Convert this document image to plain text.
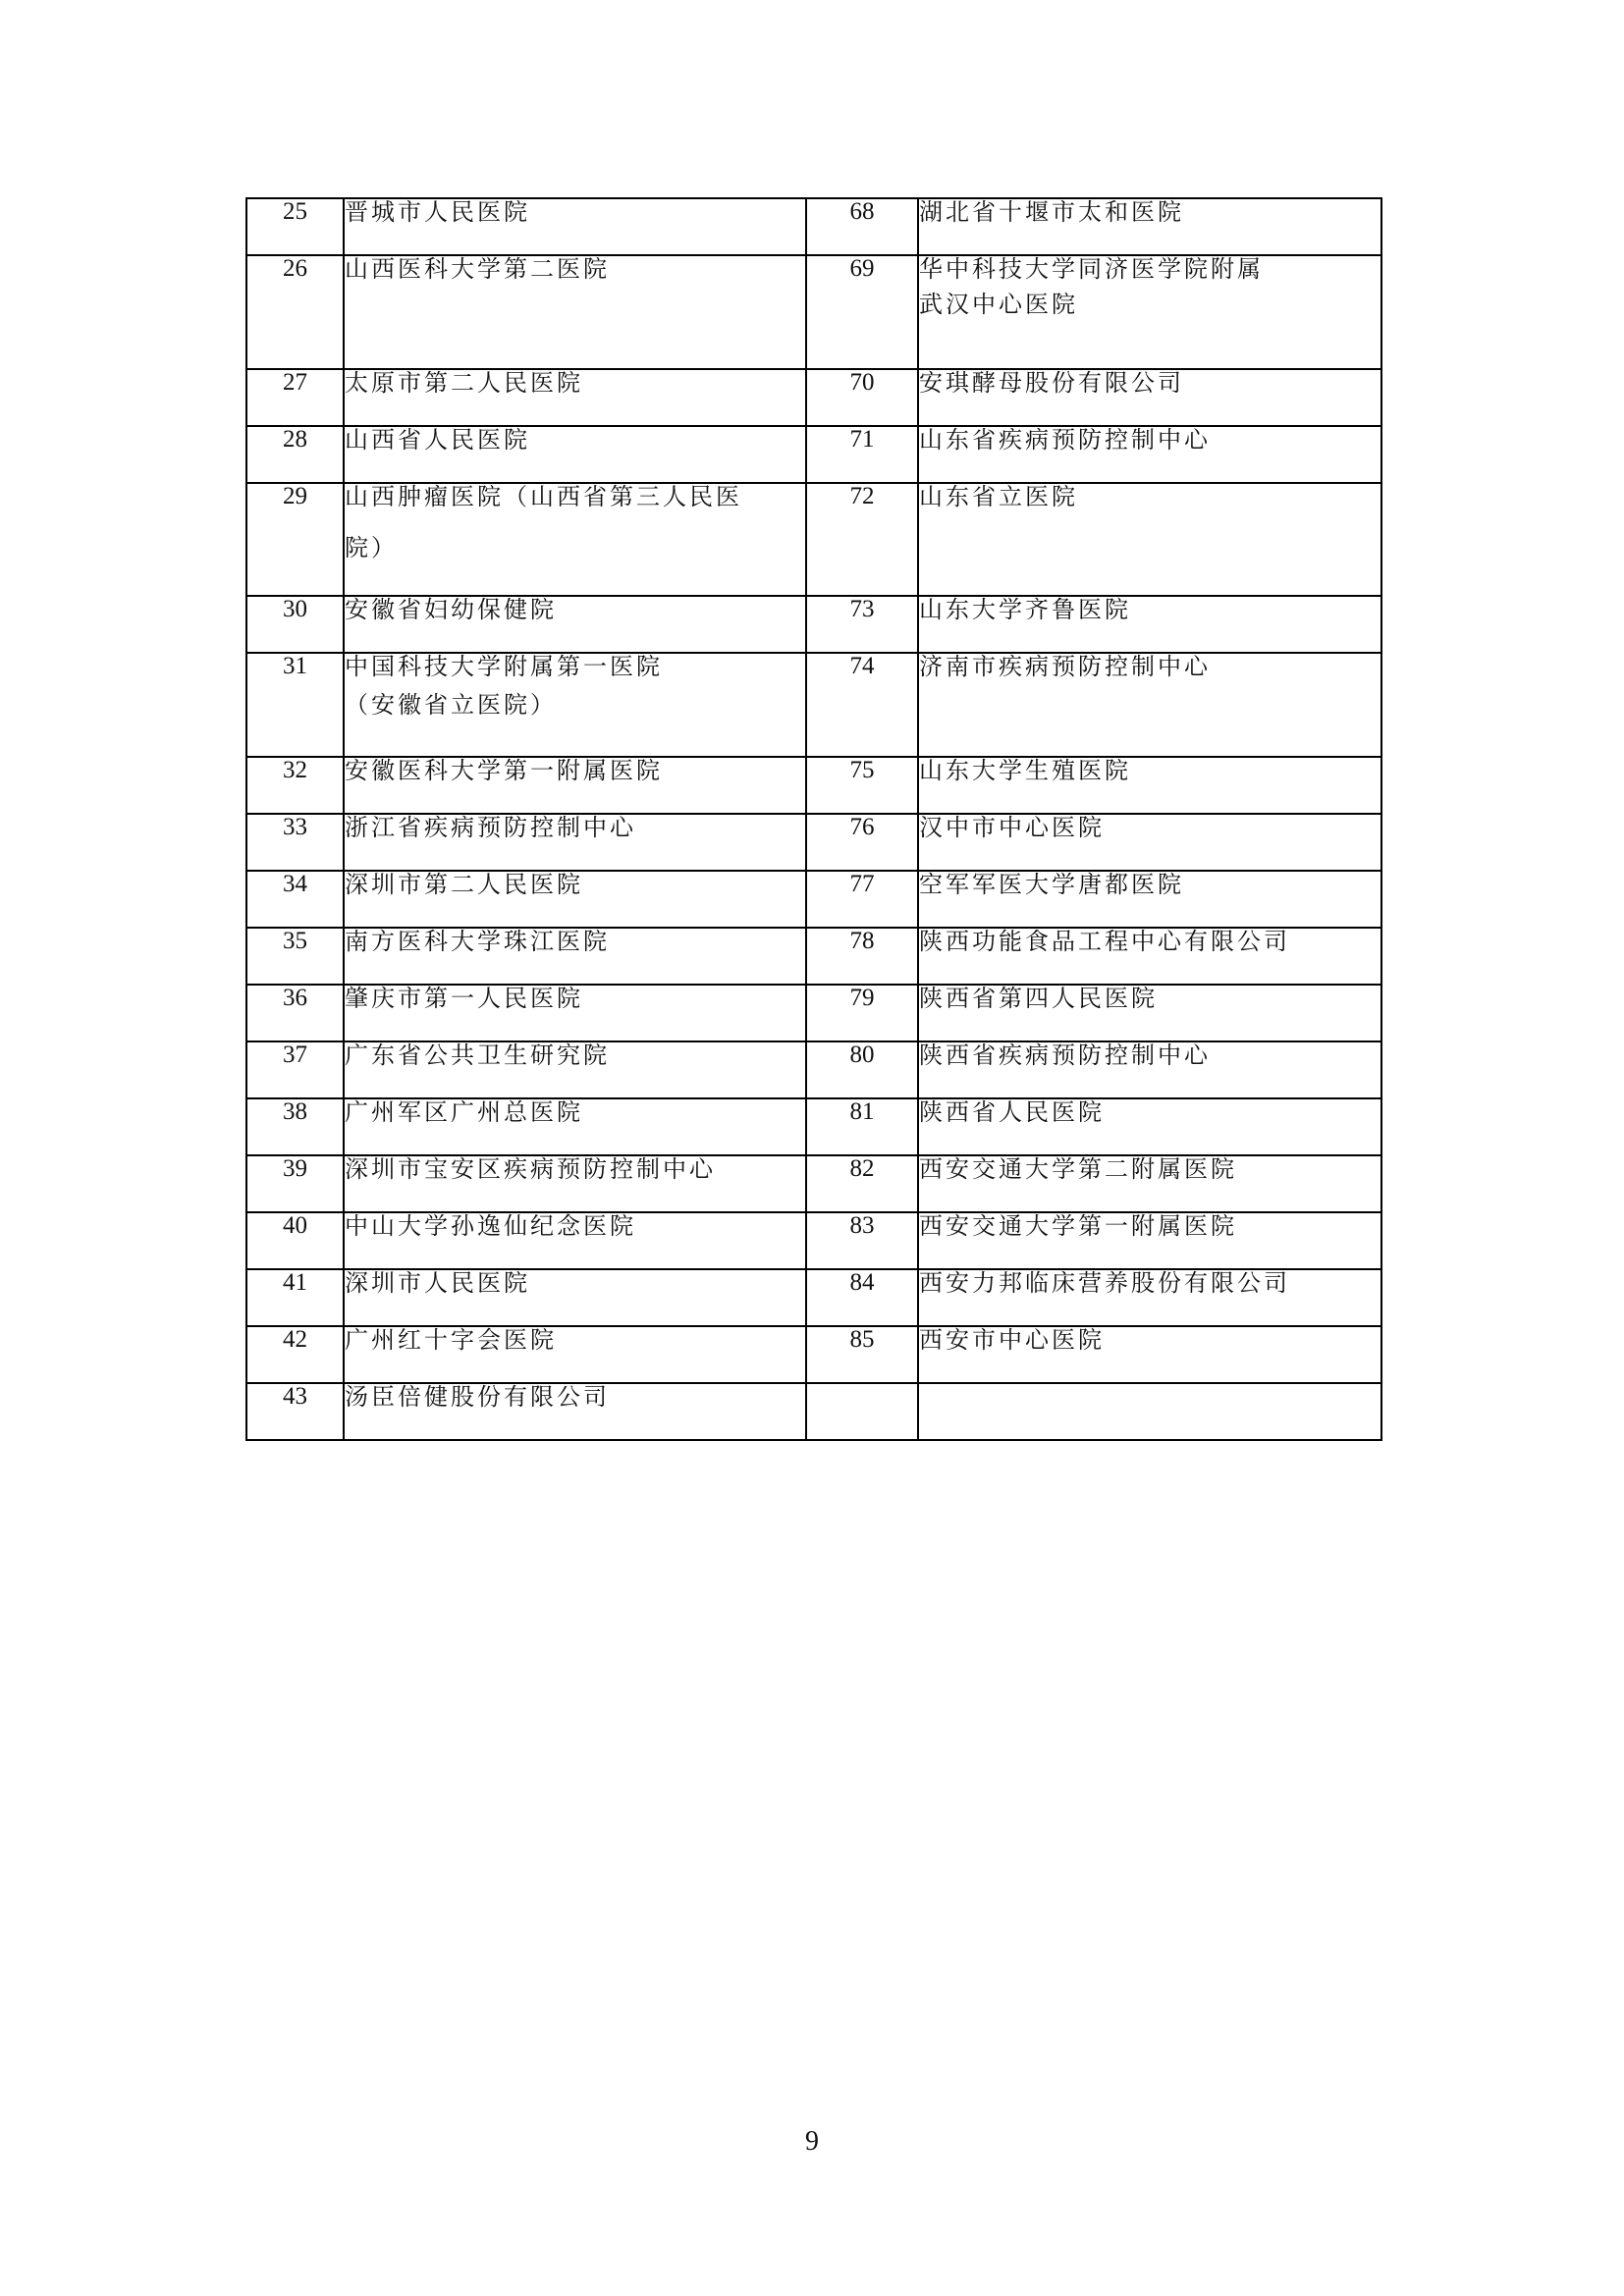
25	晋城市人民医院	68	湖北省十堰市太和医院
26	山西医科大学第二医院	69	华中科技大学同济医学院附属
武汉中心医院

27	太原市第二人民医院	70	安琪酵母股份有限公司
28	山西省人民医院	71	山东省疾病预防控制中心
29	山西肿瘤医院（山西省第三人民医
院）	72	山东省立医院
30	安徽省妇幼保健院	73	山东大学齐鲁医院
31	中国科技大学附属第一医院
（安徽省立医院）	74	济南市疾病预防控制中心
32	安徽医科大学第一附属医院	75	山东大学生殖医院
33	浙江省疾病预防控制中心	76	汉中市中心医院
34	深圳市第二人民医院	77	空军军医大学唐都医院
35	南方医科大学珠江医院	78	陕西功能食品工程中心有限公司
36	肇庆市第一人民医院	79	陕西省第四人民医院
37	广东省公共卫生研究院	80	陕西省疾病预防控制中心
38	广州军区广州总医院	81	陕西省人民医院
39	深圳市宝安区疾病预防控制中心	82	西安交通大学第二附属医院
40	中山大学孙逸仙纪念医院	83	西安交通大学第一附属医院
41	深圳市人民医院	84	西安力邦临床营养股份有限公司
42	广州红十字会医院	85	西安市中心医院
43	汤臣倍健股份有限公司		
9
